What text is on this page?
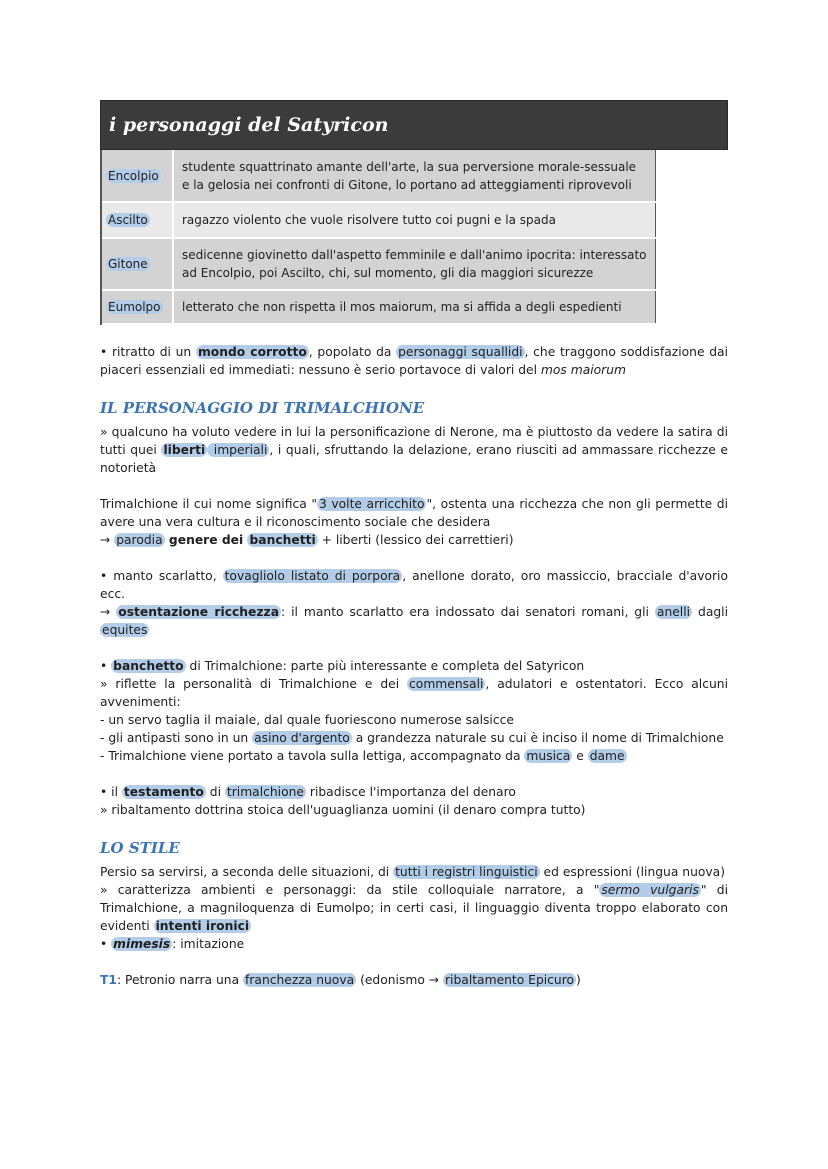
i personaggi del Satyricon
Encolpio	studente squattrinato amante dell'arte, la sua perversione morale-sessuale e la gelosia nei confronti di Gitone, lo portano ad atteggiamenti riprovevoli
Ascilto	ragazzo violento che vuole risolvere tutto coi pugni e la spada
Gitone	sedicenne giovinetto dall'aspetto femminile e dall'animo ipocrita: interessato ad Encolpio, poi Ascilto, chi, sul momento, gli dia maggiori sicurezze
Eumolpo	letterato che non rispetta il mos maiorum, ma si affida a degli espedienti

• ritratto di un mondo corrotto , popolato da personaggi squallidi , che traggono soddisfazione dai piaceri essenziali ed immediati: nessuno è serio portavoce di valori del mos maiorum

IL PERSONAGGIO DI TRIMALCHIONE

» qualcuno ha voluto vedere in lui la personificazione di Nerone, ma è piuttosto da vedere la satira di tutti quei liberti imperiali , i quali, sfruttando la delazione, erano riusciti ad ammassare ricchezze e notorietà

Trimalchione il cui nome significa " 3 volte arricchito ", ostenta una ricchezza che non gli permette di avere una vera cultura e il riconoscimento sociale che desidera

→ parodia genere dei banchetti + liberti (lessico dei carrettieri)

• manto scarlatto, tovagliolo listato di porpora , anellone dorato, oro massiccio, bracciale d'avorio ecc.

→ ostentazione ricchezza : il manto scarlatto era indossato dai senatori romani, gli anelli dagli equites

• banchetto di Trimalchione: parte più interessante e completa del Satyricon

» riflette la personalità di Trimalchione e dei commensali , adulatori e ostentatori. Ecco alcuni avvenimenti:

- un servo taglia il maiale, dal quale fuoriescono numerose salsicce

- gli antipasti sono in un asino d'argento a grandezza naturale su cui è inciso il nome di Trimalchione

- Trimalchione viene portato a tavola sulla lettiga, accompagnato da musica e dame

• il testamento di trimalchione ribadisce l'importanza del denaro

» ribaltamento dottrina stoica dell'uguaglianza uomini (il denaro compra tutto)

LO STILE

Persio sa servirsi, a seconda delle situazioni, di tutti i registri linguistici ed espressioni (lingua nuova)

» caratterizza ambienti e personaggi: da stile colloquiale narratore, a " sermo vulgaris " di Trimalchione, a magniloquenza di Eumolpo; in certi casi, il linguaggio diventa troppo elaborato con evidenti intenti ironici

• mimesis : imitazione

T1: Petronio narra una franchezza nuova (edonismo → ribaltamento Epicuro )
